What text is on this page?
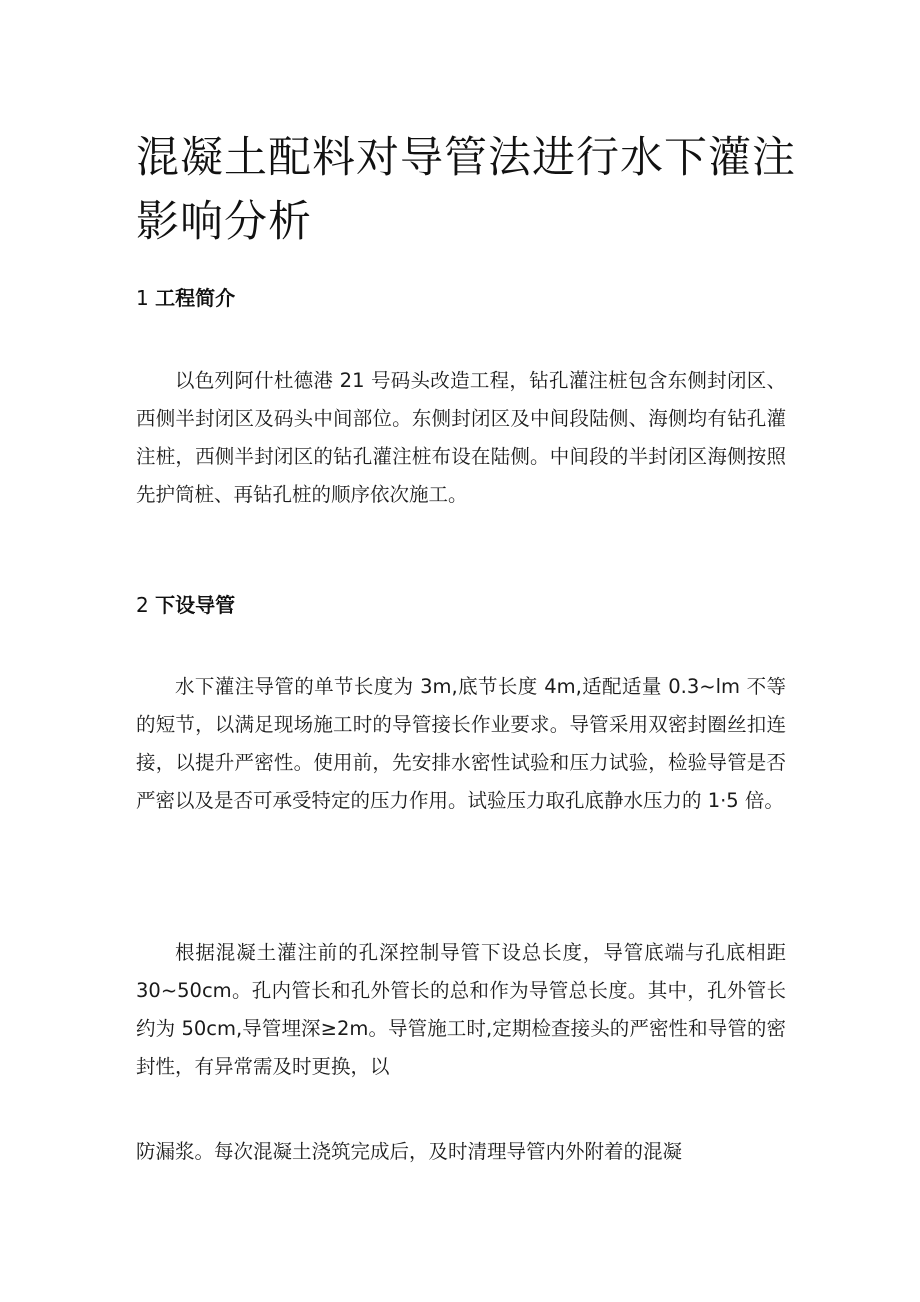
混凝土配料对导管法进行水下灌注影响分析
1 工程简介

以色列阿什杜德港 21 号码头改造工程，钻孔灌注桩包含东侧封闭区、西侧半封闭区及码头中间部位。东侧封闭区及中间段陆侧、海侧均有钻孔灌注桩，西侧半封闭区的钻孔灌注桩布设在陆侧。中间段的半封闭区海侧按照先护筒桩、再钻孔桩的顺序依次施工。

2 下设导管

水下灌注导管的单节长度为 3m,底节长度 4m,适配适量 0.3~lm 不等的短节，以满足现场施工时的导管接长作业要求。导管采用双密封圈丝扣连接，以提升严密性。使用前，先安排水密性试验和压力试验，检验导管是否严密以及是否可承受特定的压力作用。试验压力取孔底静水压力的 1·5 倍。

根据混凝土灌注前的孔深控制导管下设总长度，导管底端与孔底相距 30~50cm。孔内管长和孔外管长的总和作为导管总长度。其中，孔外管长约为 50cm,导管埋深≥2m。导管施工时,定期检查接头的严密性和导管的密封性，有异常需及时更换，以

防漏浆。每次混凝土浇筑完成后，及时清理导管内外附着的混凝
